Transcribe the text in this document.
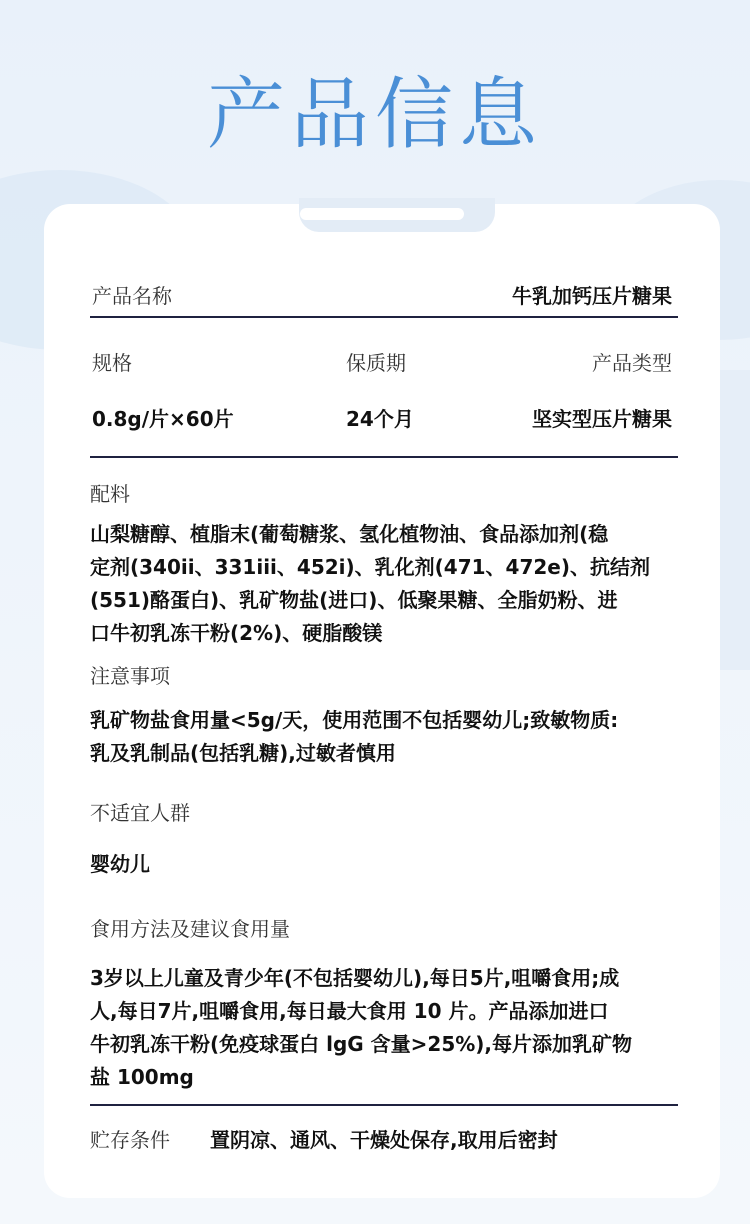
产品信息
产品名称	牛乳加钙压片糖果
规格	保质期	产品类型
0.8g/片×60片	24个月	坚实型压片糖果
配料
山梨糖醇、植脂末(葡萄糖浆、氢化植物油、食品添加剂(稳
定剂(340ii、331iii、452i)、乳化剂(471、472e)、抗结剂
(551)酪蛋白)、乳矿物盐(进口)、低聚果糖、全脂奶粉、进
口牛初乳冻干粉(2%)、硬脂酸镁
注意事项
乳矿物盐食用量<5g/天，使用范围不包括婴幼儿;致敏物质:
乳及乳制品(包括乳糖),过敏者慎用
不适宜人群
婴幼儿
食用方法及建议食用量
3岁以上儿童及青少年(不包括婴幼儿),每日5片,咀嚼食用;成
人,每日7片,咀嚼食用,每日最大食用 10 片。产品添加进口
牛初乳冻干粉(免疫球蛋白 lgG 含量>25%),每片添加乳矿物
盐 100mg
贮存条件 置阴凉、通风、干燥处保存,取用后密封
